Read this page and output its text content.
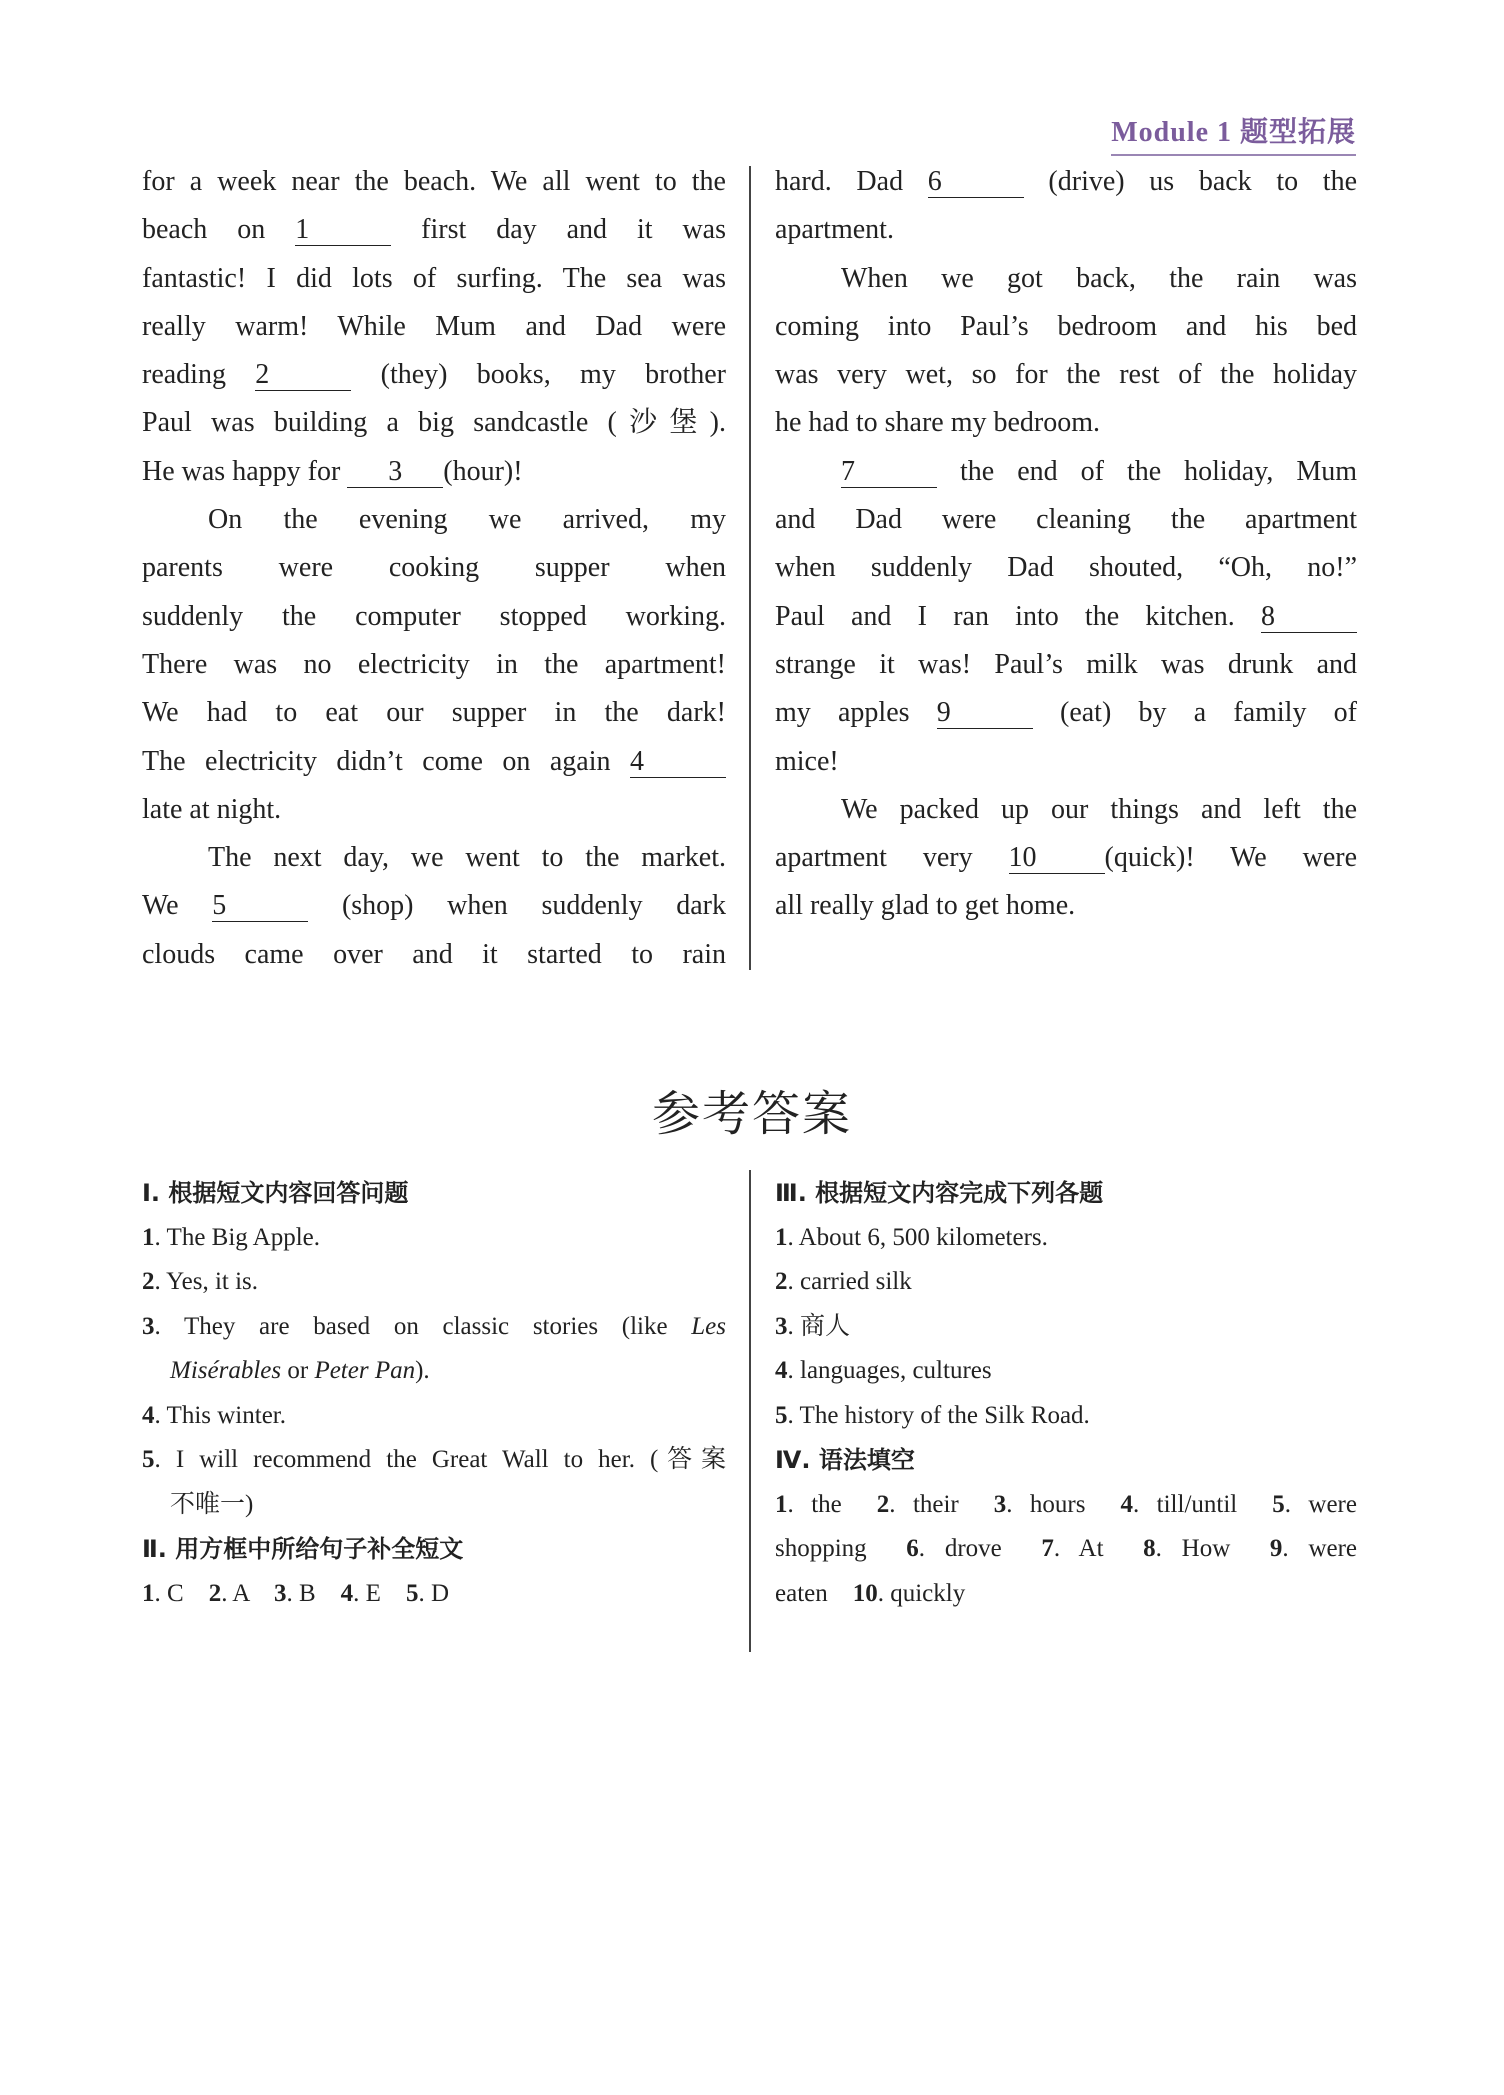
Module 1 题型拓展
for a week near the beach. We all went to the
beach on 1	first day and it was
fantastic! I did lots of surfing. The sea was
really warm! While Mum and Dad were
reading 2	(they) books, my brother
Paul was building a big sandcastle (沙堡).
He was happy for 3 (hour)!
On the evening we arrived, my
parents were cooking supper when
suddenly the computer stopped working.
There was no electricity in the apartment!
We had to eat our supper in the dark!
The electricity didn’t come on again 4
late at night.
The next day, we went to the market.
We 5	(shop) when suddenly dark
clouds came over and it started to rain
hard. Dad 6	(drive) us back to the
apartment.
When we got back, the rain was
coming into Paul’s bedroom and his bed
was very wet, so for the rest of the holiday
he had to share my bedroom.
7	the end of the holiday, Mum
and Dad were cleaning the apartment
when suddenly Dad shouted, “Oh, no!”
Paul and I ran into the kitchen. 8
strange it was! Paul’s milk was drunk and
my apples 9	(eat) by a family of
mice!
We packed up our things and left the
apartment very 10 (quick)! We were
all really glad to get home.
参考答案
Ⅰ. 根据短文内容回答问题
1. The Big Apple.
2. Yes, it is.
3. They are based on classic stories (like Les
Misérables or Peter Pan).
4. This winter.
5. I will recommend the Great Wall to her. (答案
不唯一)
Ⅱ. 用方框中所给句子补全短文
1. C    2. A    3. B    4. E    5. D
Ⅲ. 根据短文内容完成下列各题
1. About 6, 500 kilometers.
2. carried silk
3. 商人
4. languages, cultures
5. The history of the Silk Road.
Ⅳ. 语法填空
1. the  2. their  3. hours  4. till/until  5. were
shopping  6. drove  7. At  8. How  9. were
eaten    10. quickly
